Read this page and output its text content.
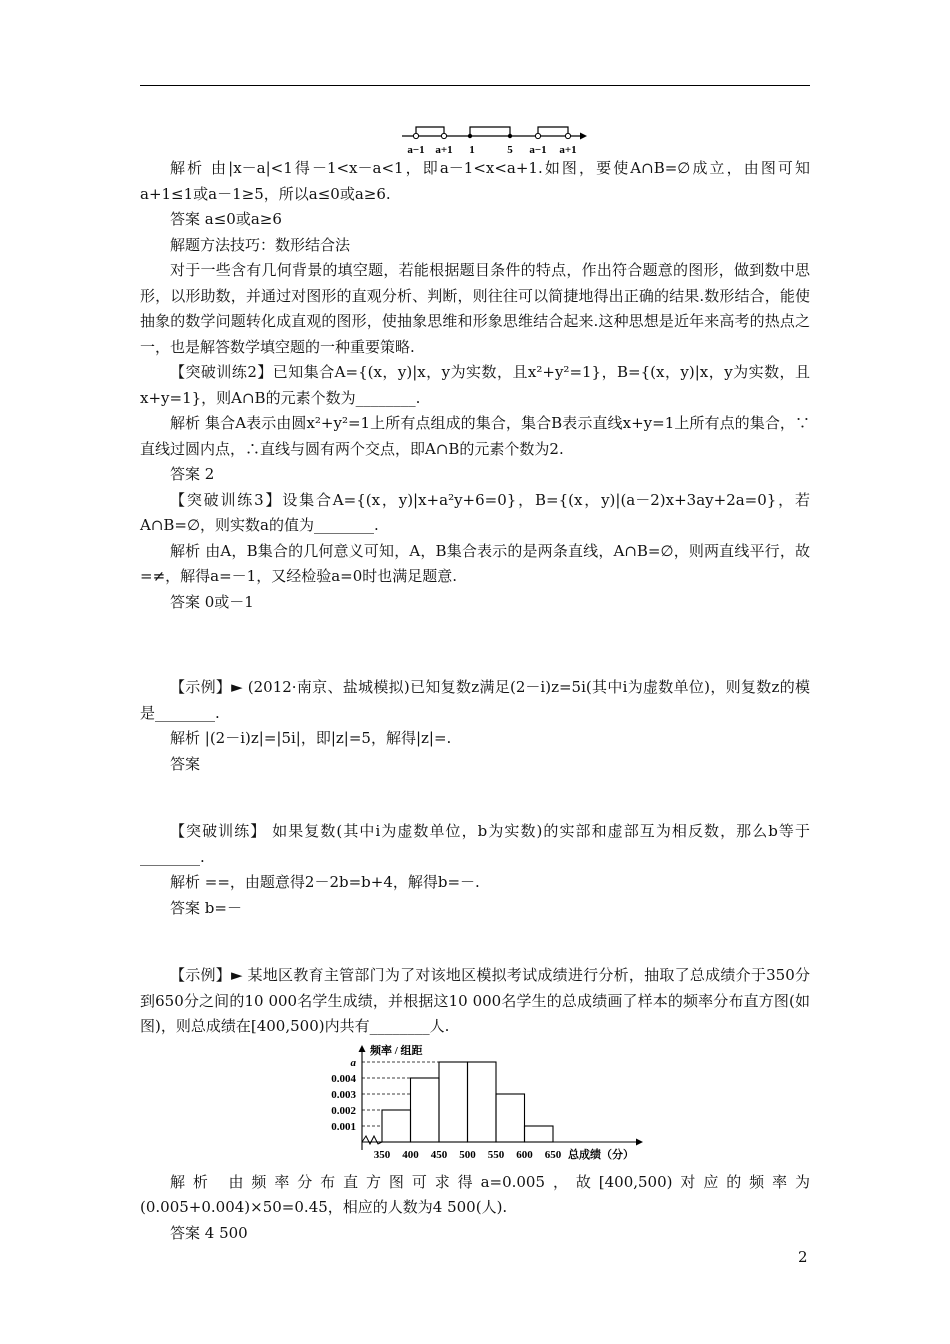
a−1 a+1 1	5 a−1 a+1

解析 由|x－a|<1得－1<x－a<1，即a－1<x<a+1.如图，要使A∩B=∅成立，由图可知a+1≤1或a－1≥5，所以a≤0或a≥6.

答案 a≤0或a≥6

解题方法技巧：数形结合法

对于一些含有几何背景的填空题，若能根据题目条件的特点，作出符合题意的图形，做到数中思形，以形助数，并通过对图形的直观分析、判断，则往往可以简捷地得出正确的结果.数形结合，能使抽象的数学问题转化成直观的图形，使抽象思维和形象思维结合起来.这种思想是近年来高考的热点之一，也是解答数学填空题的一种重要策略.

【突破训练2】已知集合A={(x，y)|x，y为实数，且x²+y²=1}，B={(x，y)|x，y为实数，且x+y=1}，则A∩B的元素个数为________.

解析 集合A表示由圆x²+y²=1上所有点组成的集合，集合B表示直线x+y=1上所有点的集合，∵直线过圆内点，∴直线与圆有两个交点，即A∩B的元素个数为2.

答案 2

【突破训练3】设集合A={(x，y)|x+a²y+6=0}，B={(x，y)|(a－2)x+3ay+2a=0}，若A∩B=∅，则实数a的值为________.

解析 由A，B集合的几何意义可知，A，B集合表示的是两条直线，A∩B=∅，则两直线平行，故=≠，解得a=－1，又经检验a=0时也满足题意.

答案 0或－1

【示例】► (2012·南京、盐城模拟)已知复数z满足(2－i)z=5i(其中i为虚数单位)，则复数z的模是________.

解析 |(2－i)z|=|5i|，即|z|=5，解得|z|=.

答案

【突破训练】 如果复数(其中i为虚数单位，b为实数)的实部和虚部互为相反数，那么b等于________.

解析 ==，由题意得2－2b=b+4，解得b=－.

答案 b=－

【示例】► 某地区教育主管部门为了对该地区模拟考试成绩进行分析，抽取了总成绩介于350分到650分之间的10 000名学生成绩，并根据这10 000名学生的总成绩画了样本的频率分布直方图(如图)，则总成绩在[400,500)内共有________人.

0.001
0.002
0.003
0.004
a
350 400 450 500 550 600 650
频率 / 组距
总成绩（分）

解析 由频率分布直方图可求得a=0.005，故[400,500)对应的频率为(0.005+0.004)×50=0.45，相应的人数为4 500(人).

答案 4 500

2
